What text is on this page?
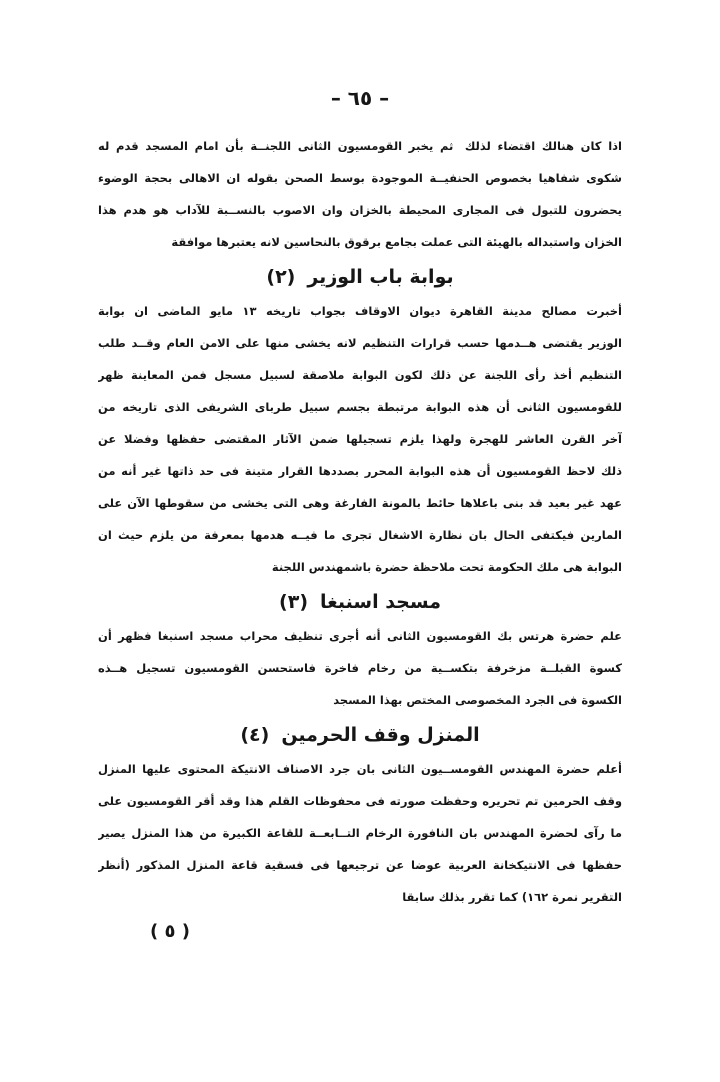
– ٦٥ –
اذا كان هنالك اقتضاء لذلك ثم يخبر القومسيون الثانى اللجنــة بأن امام المسجد قدم له
شكوى شفاهيا بخصوص الحنفيــة الموجودة بوسط الصحن بقوله ان الاهالى بحجة الوضوء
يحضرون للتبول فى المجارى المحيطة بالخزان وان الاصوب بالنســبة للآداب هو هدم هذا
الخزان واستبداله بالهيئة التى عملت بجامع برقوق بالنحاسين لانه يعتبرها موافقة
(٢) بوابة باب الوزير
أخبرت مصالح مدينة القاهرة ديوان الاوقاف بجواب تاريخه ١٣ مايو الماضى ان بوابة
الوزير يقتضى هــدمها حسب قرارات التنظيم لانه يخشى منها على الامن العام وقــد طلب
التنظيم أخذ رأى اللجنة عن ذلك لكون البوابة ملاصقة لسبيل مسجل فمن المعاينة ظهر
للقومسيون الثانى أن هذه البوابة مرتبطة بجسم سبيل طرباى الشريفى الذى تاريخه من
آخر القرن العاشر للهجرة ولهذا يلزم تسجيلها ضمن الآثار المقتضى حفظها وفضلا عن
ذلك لاحظ القومسيون أن هذه البوابة المحرر بصددها القرار متينة فى حد ذاتها غير أنه من
عهد غير بعيد قد بنى باعلاها حائط بالمونة الفارغة وهى التى يخشى من سقوطها الآن على
المارين فيكتفى الحال بان نظارة الاشغال تجرى ما فيــه هدمها بمعرفة من يلزم حيث ان
البوابة هى ملك الحكومة تحت ملاحظة حضرة باشمهندس اللجنة
(٣) مسجد اسنبغا
علم حضرة هرتس بك القومسيون الثانى أنه أجرى تنظيف محراب مسجد اسنبغا فظهر أن
كسوة القبلــة مزخرفة بتكســية من رخام فاخرة فاستحسن القومسيون تسجيل هــذه
الكسوة فى الجرد المخصوصى المختص بهذا المسجد
(٤) المنزل وقف الحرمين
أعلم حضرة المهندس القومســيون الثانى بان جرد الاصناف الانتيكة المحتوى عليها المنزل
وقف الحرمين تم تحريره وحفظت صورته فى محفوظات القلم هذا وقد أقر القومسيون على
ما رآى لحضرة المهندس بان النافورة الرخام التــابعــة للقاعة الكبيرة من هذا المنزل يصير
حفظها فى الانتيكخانة العربية عوضا عن ترجيعها فى فسقية قاعة المنزل المذكور (أنظر
التقرير نمرة ١٦٢) كما تقرر بذلك سابقا
( ٥ )
